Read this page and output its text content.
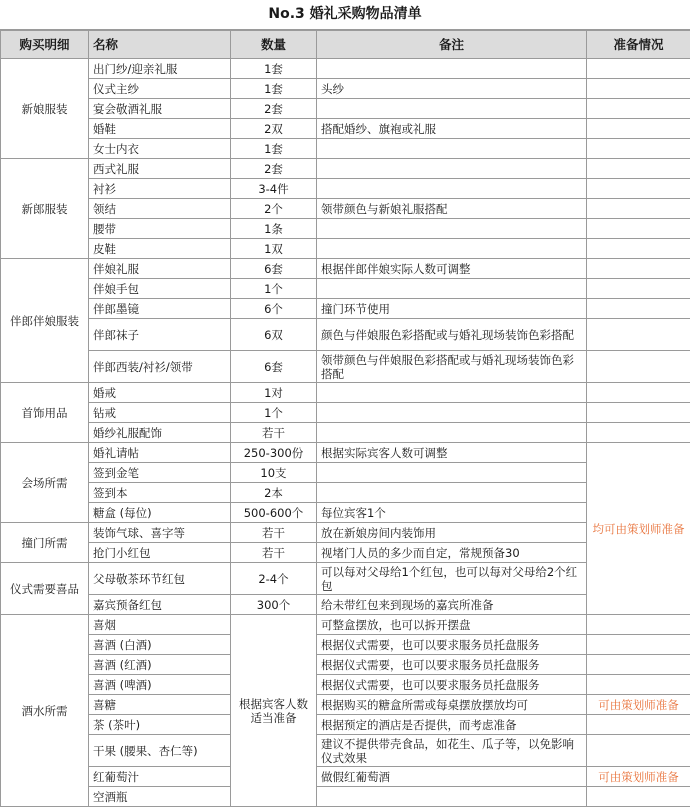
No.3 婚礼采购物品清单
购买明细	名称	数量	备注	准备情况
新娘服装	出门纱/迎亲礼服	1套		
	仪式主纱	1套	头纱	
	宴会敬酒礼服	2套		
	婚鞋	2双	搭配婚纱、旗袍或礼服	
	女士内衣	1套		
新郎服装	西式礼服	2套		
	衬衫	3-4件		
	领结	2个	领带颜色与新娘礼服搭配	
	腰带	1条		
	皮鞋	1双		
伴郎伴娘服装	伴娘礼服	6套	根据伴郎伴娘实际人数可调整	
	伴娘手包	1个		
	伴郎墨镜	6个	撞门环节使用	
	伴郎袜子	6双	颜色与伴娘服色彩搭配或与婚礼现场装饰色彩搭配	
	伴郎西装/衬衫/领带	6套	领带颜色与伴娘服色彩搭配或与婚礼现场装饰色彩搭配	
首饰用品	婚戒	1对		
	钻戒	1个		
	婚纱礼服配饰	若干		
会场所需	婚礼请帖	250-300份	根据实际宾客人数可调整	均可由策划师准备
	签到金笔	10支		
	签到本	2本		
	糖盒 (每位)	500-600个	每位宾客1个	
撞门所需	装饰气球、喜字等	若干	放在新娘房间内装饰用	
	抢门小红包	若干	视堵门人员的多少而自定，常规预备30	
仪式需要喜品	父母敬茶环节红包	2-4个	可以每对父母给1个红包，也可以每对父母给2个红包	
	嘉宾预备红包	300个	给未带红包来到现场的嘉宾所准备	
酒水所需	喜烟	根据宾客人数适当准备	可整盒摆放，也可以拆开摆盘	
	喜酒 (白酒)		根据仪式需要，也可以要求服务员托盘服务	
	喜酒 (红酒)		根据仪式需要，也可以要求服务员托盘服务	
	喜酒 (啤酒)		根据仪式需要，也可以要求服务员托盘服务	
	喜糖		根据购买的糖盒所需或每桌摆放摆放均可	可由策划师准备
	茶 (茶叶)		根据预定的酒店是否提供，而考虑准备	
	干果 (腰果、杏仁等)		建议不提供带壳食品，如花生、瓜子等，以免影响仪式效果	
	红葡萄汁		做假红葡萄酒	可由策划师准备
	空酒瓶			
